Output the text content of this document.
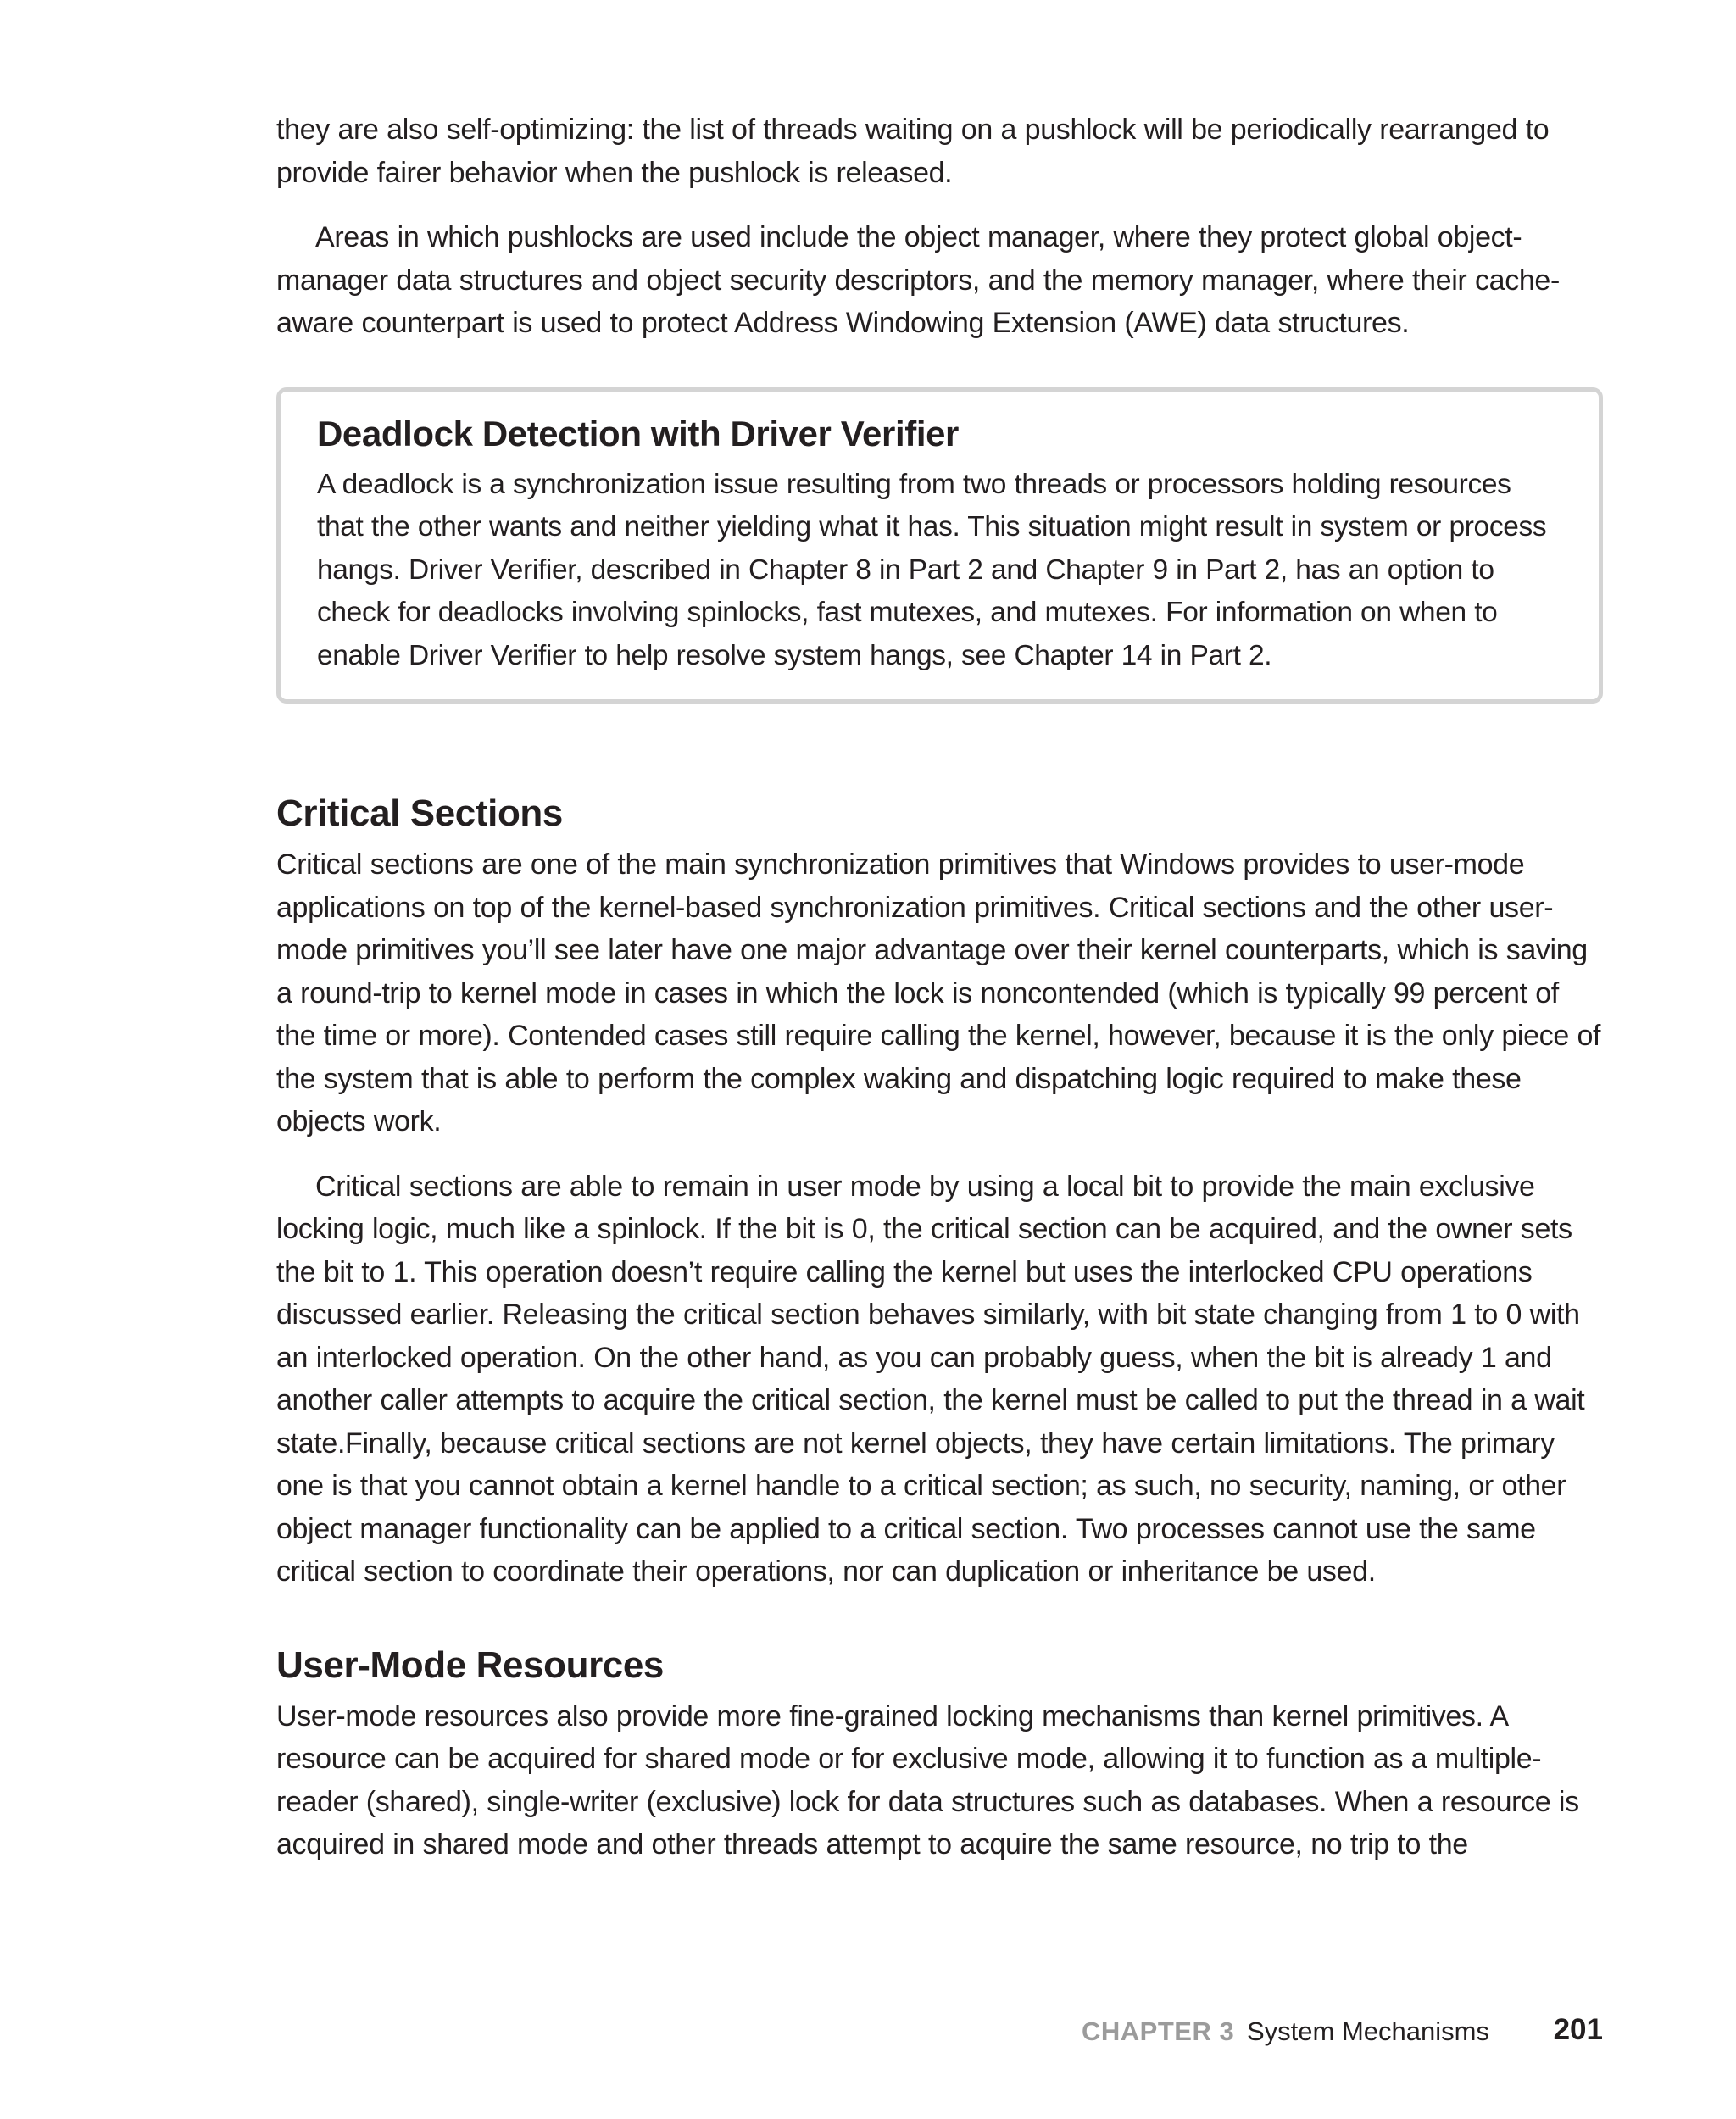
they are also self-optimizing: the list of threads waiting on a pushlock will be periodically rearranged to provide fairer behavior when the pushlock is released.

Areas in which pushlocks are used include the object manager, where they protect global object-manager data structures and object security descriptors, and the memory manager, where their cache-aware counterpart is used to protect Address Windowing Extension (AWE) data structures.

Deadlock Detection with Driver Verifier

A deadlock is a synchronization issue resulting from two threads or processors holding resources that the other wants and neither yielding what it has. This situation might result in system or process hangs. Driver Verifier, described in Chapter 8 in Part 2 and Chapter 9 in Part 2, has an option to check for deadlocks involving spinlocks, fast mutexes, and mutexes. For information on when to enable Driver Verifier to help resolve system hangs, see Chapter 14 in Part 2.

Critical Sections

Critical sections are one of the main synchronization primitives that Windows provides to user-mode applications on top of the kernel-based synchronization primitives. Critical sections and the other user-mode primitives you’ll see later have one major advantage over their kernel counterparts, which is saving a round-trip to kernel mode in cases in which the lock is noncontended (which is typically 99 percent of the time or more). Contended cases still require calling the kernel, however, because it is the only piece of the system that is able to perform the complex waking and dispatching logic required to make these objects work.

Critical sections are able to remain in user mode by using a local bit to provide the main exclusive locking logic, much like a spinlock. If the bit is 0, the critical section can be acquired, and the owner sets the bit to 1. This operation doesn’t require calling the kernel but uses the interlocked CPU operations discussed earlier. Releasing the critical section behaves similarly, with bit state changing from 1 to 0 with an interlocked operation. On the other hand, as you can probably guess, when the bit is already 1 and another caller attempts to acquire the critical section, the kernel must be called to put the thread in a wait state.Finally, because critical sections are not kernel objects, they have certain limitations. The primary one is that you cannot obtain a kernel handle to a critical section; as such, no security, naming, or other object manager functionality can be applied to a critical section. Two processes cannot use the same critical section to coordinate their operations, nor can duplication or inheritance be used.

User-Mode Resources

User-mode resources also provide more fine-grained locking mechanisms than kernel primitives. A resource can be acquired for shared mode or for exclusive mode, allowing it to function as a multiple-reader (shared), single-writer (exclusive) lock for data structures such as databases. When a resource is acquired in shared mode and other threads attempt to acquire the same resource, no trip to the

CHAPTER 3 System Mechanisms 201
